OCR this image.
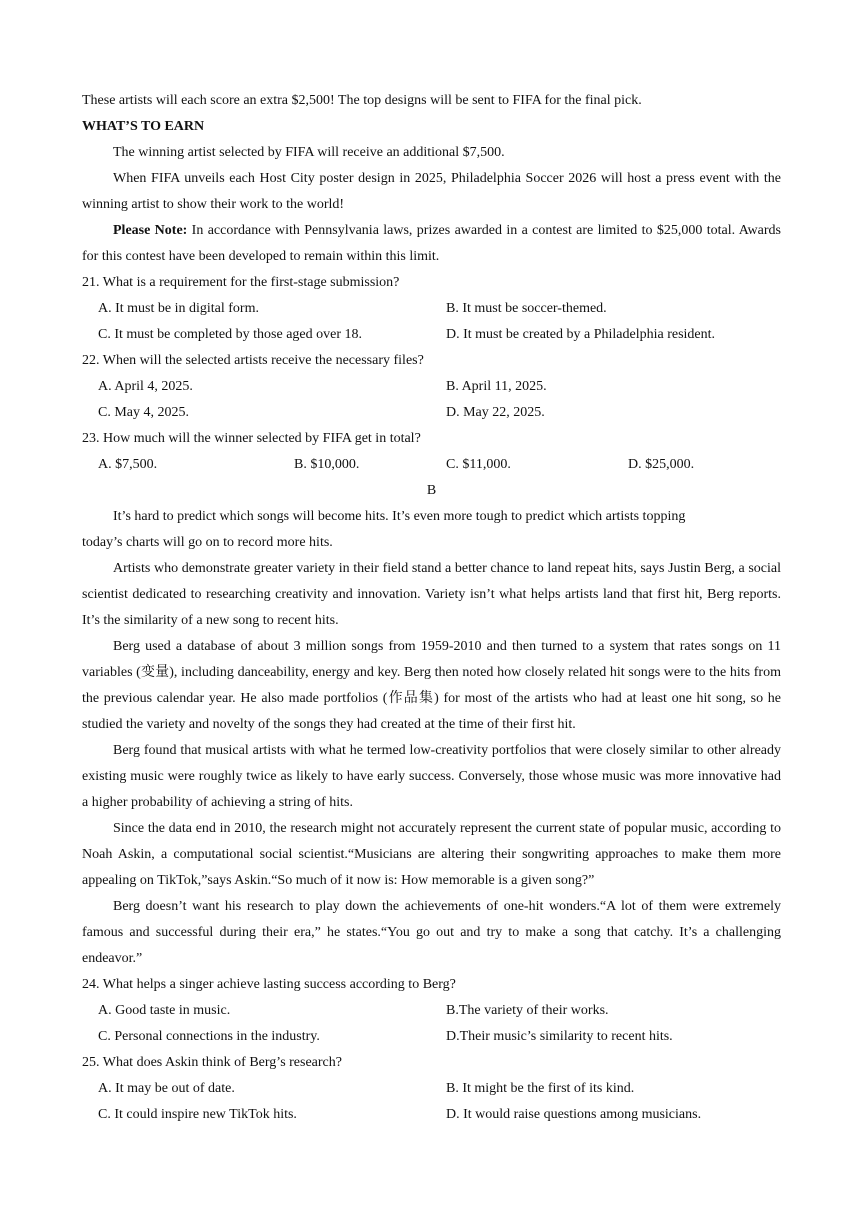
These artists will each score an extra $2,500! The top designs will be sent to FIFA for the final pick.

WHAT’S TO EARN

The winning artist selected by FIFA will receive an additional $7,500.

When FIFA unveils each Host City poster design in 2025, Philadelphia Soccer 2026 will host a press event with the winning artist to show their work to the world!

Please Note: In accordance with Pennsylvania laws, prizes awarded in a contest are limited to $25,000 total. Awards for this contest have been developed to remain within this limit.

21. What is a requirement for the first-stage submission?

A. It must be in digital form.	B. It must be soccer-themed.
C. It must be completed by those aged over 18.	D. It must be created by a Philadelphia resident.

22. When will the selected artists receive the necessary files?

A. April 4, 2025.	B. April 11, 2025.
C. May 4, 2025.	D. May 22, 2025.

23. How much will the winner selected by FIFA get in total?

A. $7,500.	B. $10,000.	C. $11,000.	D. $25,000.

B

It’s hard to predict which songs will become hits. It’s even more tough to predict which artists topping

today’s charts will go on to record more hits.

Artists who demonstrate greater variety in their field stand a better chance to land repeat hits, says Justin Berg, a social scientist dedicated to researching creativity and innovation. Variety isn’t what helps artists land that first hit, Berg reports. It’s the similarity of a new song to recent hits.

Berg used a database of about 3 million songs from 1959-2010 and then turned to a system that rates songs on 11 variables (变量), including danceability, energy and key. Berg then noted how closely related hit songs were to the hits from the previous calendar year. He also made portfolios (作品集) for most of the artists who had at least one hit song, so he studied the variety and novelty of the songs they had created at the time of their first hit.

Berg found that musical artists with what he termed low-creativity portfolios that were closely similar to other already existing music were roughly twice as likely to have early success. Conversely, those whose music was more innovative had a higher probability of achieving a string of hits.

Since the data end in 2010, the research might not accurately represent the current state of popular music, according to Noah Askin, a computational social scientist.“Musicians are altering their songwriting approaches to make them more appealing on TikTok,”says Askin.“So much of it now is: How memorable is a given song?”

Berg doesn’t want his research to play down the achievements of one-hit wonders.“A lot of them were extremely famous and successful during their era,” he states.“You go out and try to make a song that catchy. It’s a challenging endeavor.”

24. What helps a singer achieve lasting success according to Berg?

A. Good taste in music.	B.The variety of their works.
C. Personal connections in the industry.	D.Their music’s similarity to recent hits.

25. What does Askin think of Berg’s research?

A. It may be out of date.	B. It might be the first of its kind.
C. It could inspire new TikTok hits.	D. It would raise questions among musicians.
